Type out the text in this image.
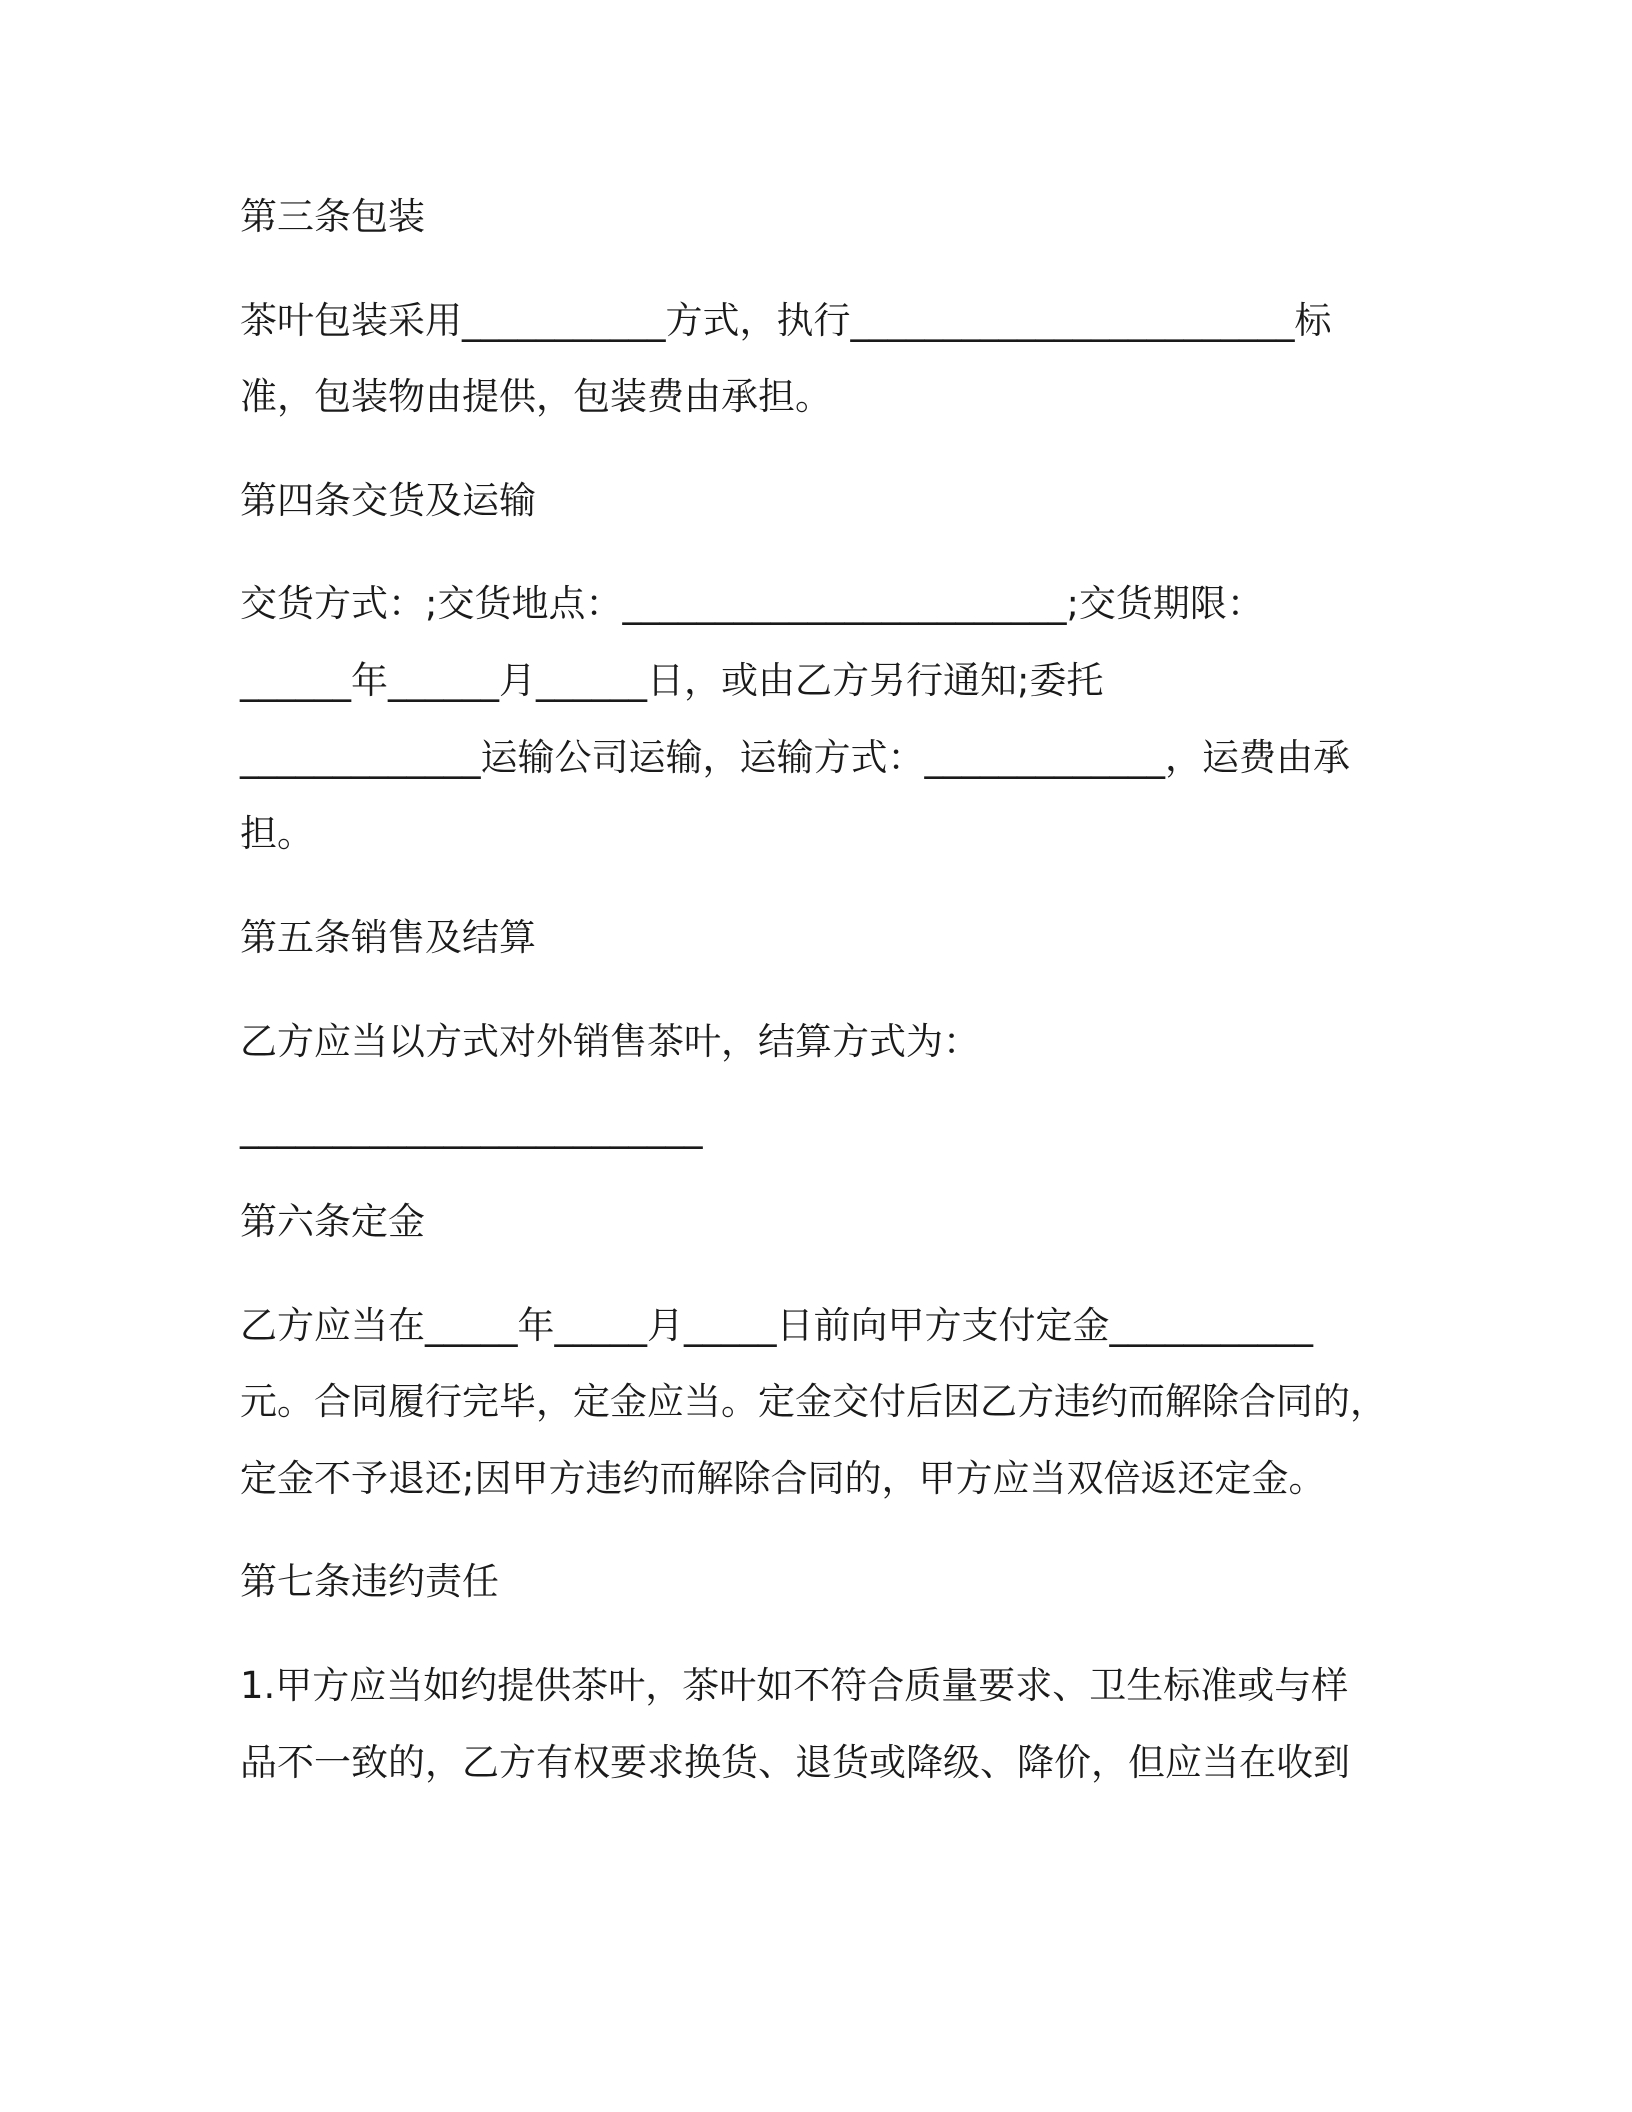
第三条包装

茶叶包装采用___________方式，执行________________________标

准，包装物由提供，包装费由承担。

第四条交货及运输

交货方式：;交货地点：________________________;交货期限：

______年______月______日，或由乙方另行通知;委托

_____________运输公司运输，运输方式：_____________，运费由承

担。

第五条销售及结算

乙方应当以方式对外销售茶叶，结算方式为：

_________________________

第六条定金

乙方应当在_____年_____月_____日前向甲方支付定金___________

元。合同履行完毕，定金应当。定金交付后因乙方违约而解除合同的，

定金不予退还;因甲方违约而解除合同的，甲方应当双倍返还定金。

第七条违约责任

1.甲方应当如约提供茶叶，茶叶如不符合质量要求、卫生标准或与样

品不一致的，乙方有权要求换货、退货或降级、降价，但应当在收到
